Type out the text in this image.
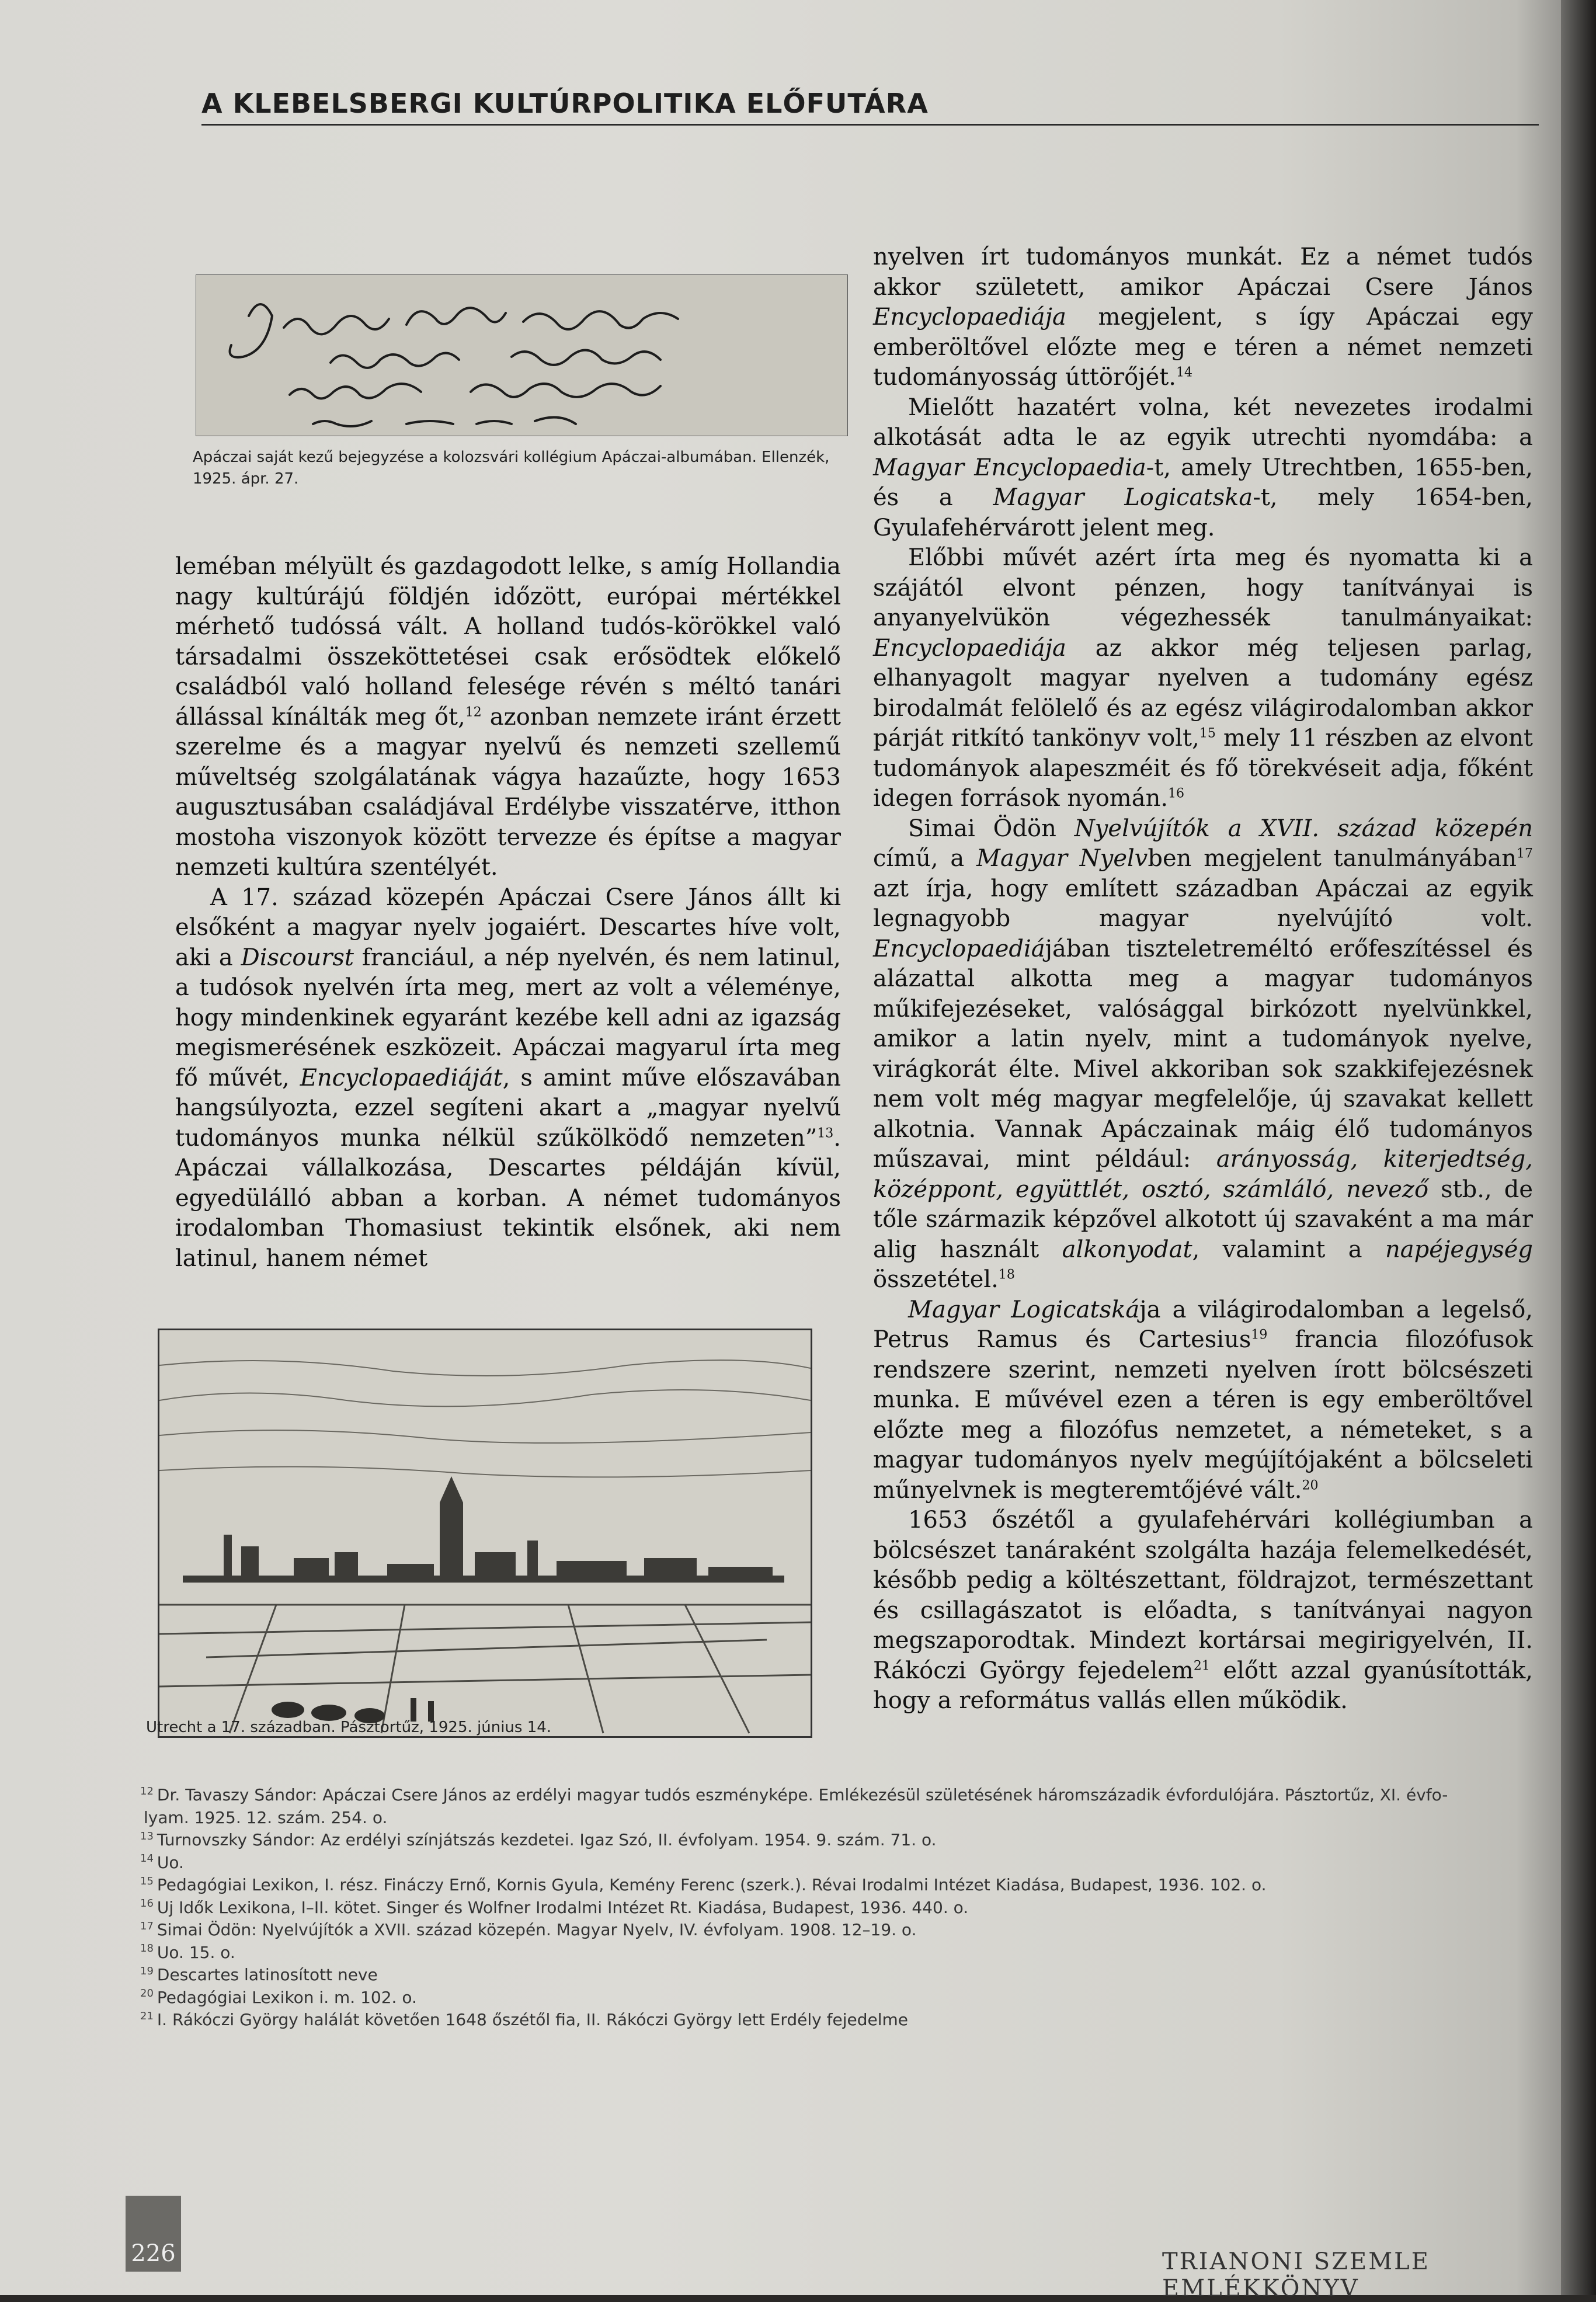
A KLEBELSBERGI KULTÚRPOLITIKA ELŐFUTÁRA
Apáczai saját kezű bejegyzése a kolozsvári kollégium Apáczai-albumában. Ellenzék, 1925. ápr. 27.

leméban mélyült és gazdagodott lelke, s amíg Hollandia nagy kultúrájú földjén időzött, európai mértékkel mérhető tudóssá vált. A holland tudós-körökkel való társadalmi összeköttetései csak erősödtek előkelő családból való holland felesége révén s méltó tanári állással kínálták meg őt,$^{12}$ azonban nemzete iránt érzett szerelme és a magyar nyelvű és nemzeti szellemű műveltség szolgálatának vágya hazaűzte, hogy 1653 augusztusában családjával Erdélybe visszatérve, itthon mostoha viszonyok között tervezze és építse a magyar nemzeti kultúra szentélyét.

A 17. század közepén Apáczai Csere János állt ki elsőként a magyar nyelv jogaiért. Descartes híve volt, aki a Discourst franciául, a nép nyelvén, és nem latinul, a tudósok nyelvén írta meg, mert az volt a véleménye, hogy mindenkinek egyaránt kezébe kell adni az igazság megismerésének eszközeit. Apáczai magyarul írta meg fő művét, Encyclopaediáját, s amint műve előszavában hangsúlyozta, ezzel segíteni akart a „magyar nyelvű tudományos munka nélkül szűkölködő nemzeten”$^{13}$. Apáczai vállalkozása, Descartes példáján kívül, egyedülálló abban a korban. A német tudományos irodalomban Thomasiust tekintik elsőnek, aki nem latinul, hanem német

Utrecht a 17. században. Pásztortűz, 1925. június 14.

nyelven írt tudományos munkát. Ez a német tudós akkor született, amikor Apáczai Csere János Encyclopaediája megjelent, s így Apáczai egy emberöltővel előzte meg e téren a német nemzeti tudományosság úttörőjét.$^{14}$

Mielőtt hazatért volna, két nevezetes irodalmi alkotását adta le az egyik utrechti nyomdába: a Magyar Encyclopaedia-t, amely Utrechtben, 1655-ben, és a Magyar Logicatska-t, mely 1654-ben, Gyulafehérvárott jelent meg.

Előbbi művét azért írta meg és nyomatta ki a szájától elvont pénzen, hogy tanítványai is anyanyelvükön végezhessék tanulmányaikat: Encyclopaediája az akkor még teljesen parlag, elhanyagolt magyar nyelven a tudomány egész birodalmát felölelő és az egész világirodalomban akkor párját ritkító tankönyv volt,$^{15}$ mely 11 részben az elvont tudományok alapeszméit és fő törekvéseit adja, főként idegen források nyomán.$^{16}$

Simai Ödön Nyelvújítók a XVII. század közepén című, a Magyar Nyelvben megjelent tanulmányában$^{17}$ azt írja, hogy említett században Apáczai az egyik legnagyobb magyar nyelvújító volt. Encyclopaediájában tiszteletreméltó erőfeszítéssel és alázattal alkotta meg a magyar tudományos műkifejezéseket, valósággal birkózott nyelvünkkel, amikor a latin nyelv, mint a tudományok nyelve, virágkorát élte. Mivel akkoriban sok szakkifejezésnek nem volt még magyar megfelelője, új szavakat kellett alkotnia. Vannak Apáczainak máig élő tudományos műszavai, mint például: arányosság, kiterjedtség, középpont, együttlét, osztó, számláló, nevező stb., de tőle származik képzővel alkotott új szavaként a ma már alig használt alkonyodat, valamint a napéjegység összetétel.$^{18}$

Magyar Logicatskája a világirodalomban a legelső, Petrus Ramus és Cartesius$^{19}$ francia filozófusok rendszere szerint, nemzeti nyelven írott bölcsészeti munka. E művével ezen a téren is egy emberöltővel előzte meg a filozófus nemzetet, a németeket, s a magyar tudományos nyelv megújítójaként a bölcseleti műnyelvnek is megteremtőjévé vált.$^{20}$

1653 őszétől a gyulafehérvári kollégiumban a bölcsészet tanáraként szolgálta hazája felemelkedését, később pedig a költészettant, földrajzot, természettant és csillagászatot is előadta, s tanítványai nagyon megszaporodtak. Mindezt kortársai megirigyelvén, II. Rákóczi György fejedelem$^{21}$ előtt azzal gyanúsították, hogy a református vallás ellen működik.

$^{12}$ Dr. Tavaszy Sándor: Apáczai Csere János az erdélyi magyar tudós eszményképe. Emlékezésül születésének háromszázadik évfordulójára. Pásztortűz, XI. évfo-
lyam. 1925. 12. szám. 254. o.
$^{13}$ Turnovszky Sándor: Az erdélyi színjátszás kezdetei. Igaz Szó, II. évfolyam. 1954. 9. szám. 71. o.
$^{14}$ Uo.
$^{15}$ Pedagógiai Lexikon, I. rész. Fináczy Ernő, Kornis Gyula, Kemény Ferenc (szerk.). Révai Irodalmi Intézet Kiadása, Budapest, 1936. 102. o.
$^{16}$ Uj Idők Lexikona, I–II. kötet. Singer és Wolfner Irodalmi Intézet Rt. Kiadása, Budapest, 1936. 440. o.
$^{17}$ Simai Ödön: Nyelvújítók a XVII. század közepén. Magyar Nyelv, IV. évfolyam. 1908. 12–19. o.
$^{18}$ Uo. 15. o.
$^{19}$ Descartes latinosított neve
$^{20}$ Pedagógiai Lexikon i. m. 102. o.
$^{21}$ I. Rákóczi György halálát követően 1648 őszétől fia, II. Rákóczi György lett Erdély fejedelme
226	TRIANONI SZEMLE EMLÉKKÖNYV
